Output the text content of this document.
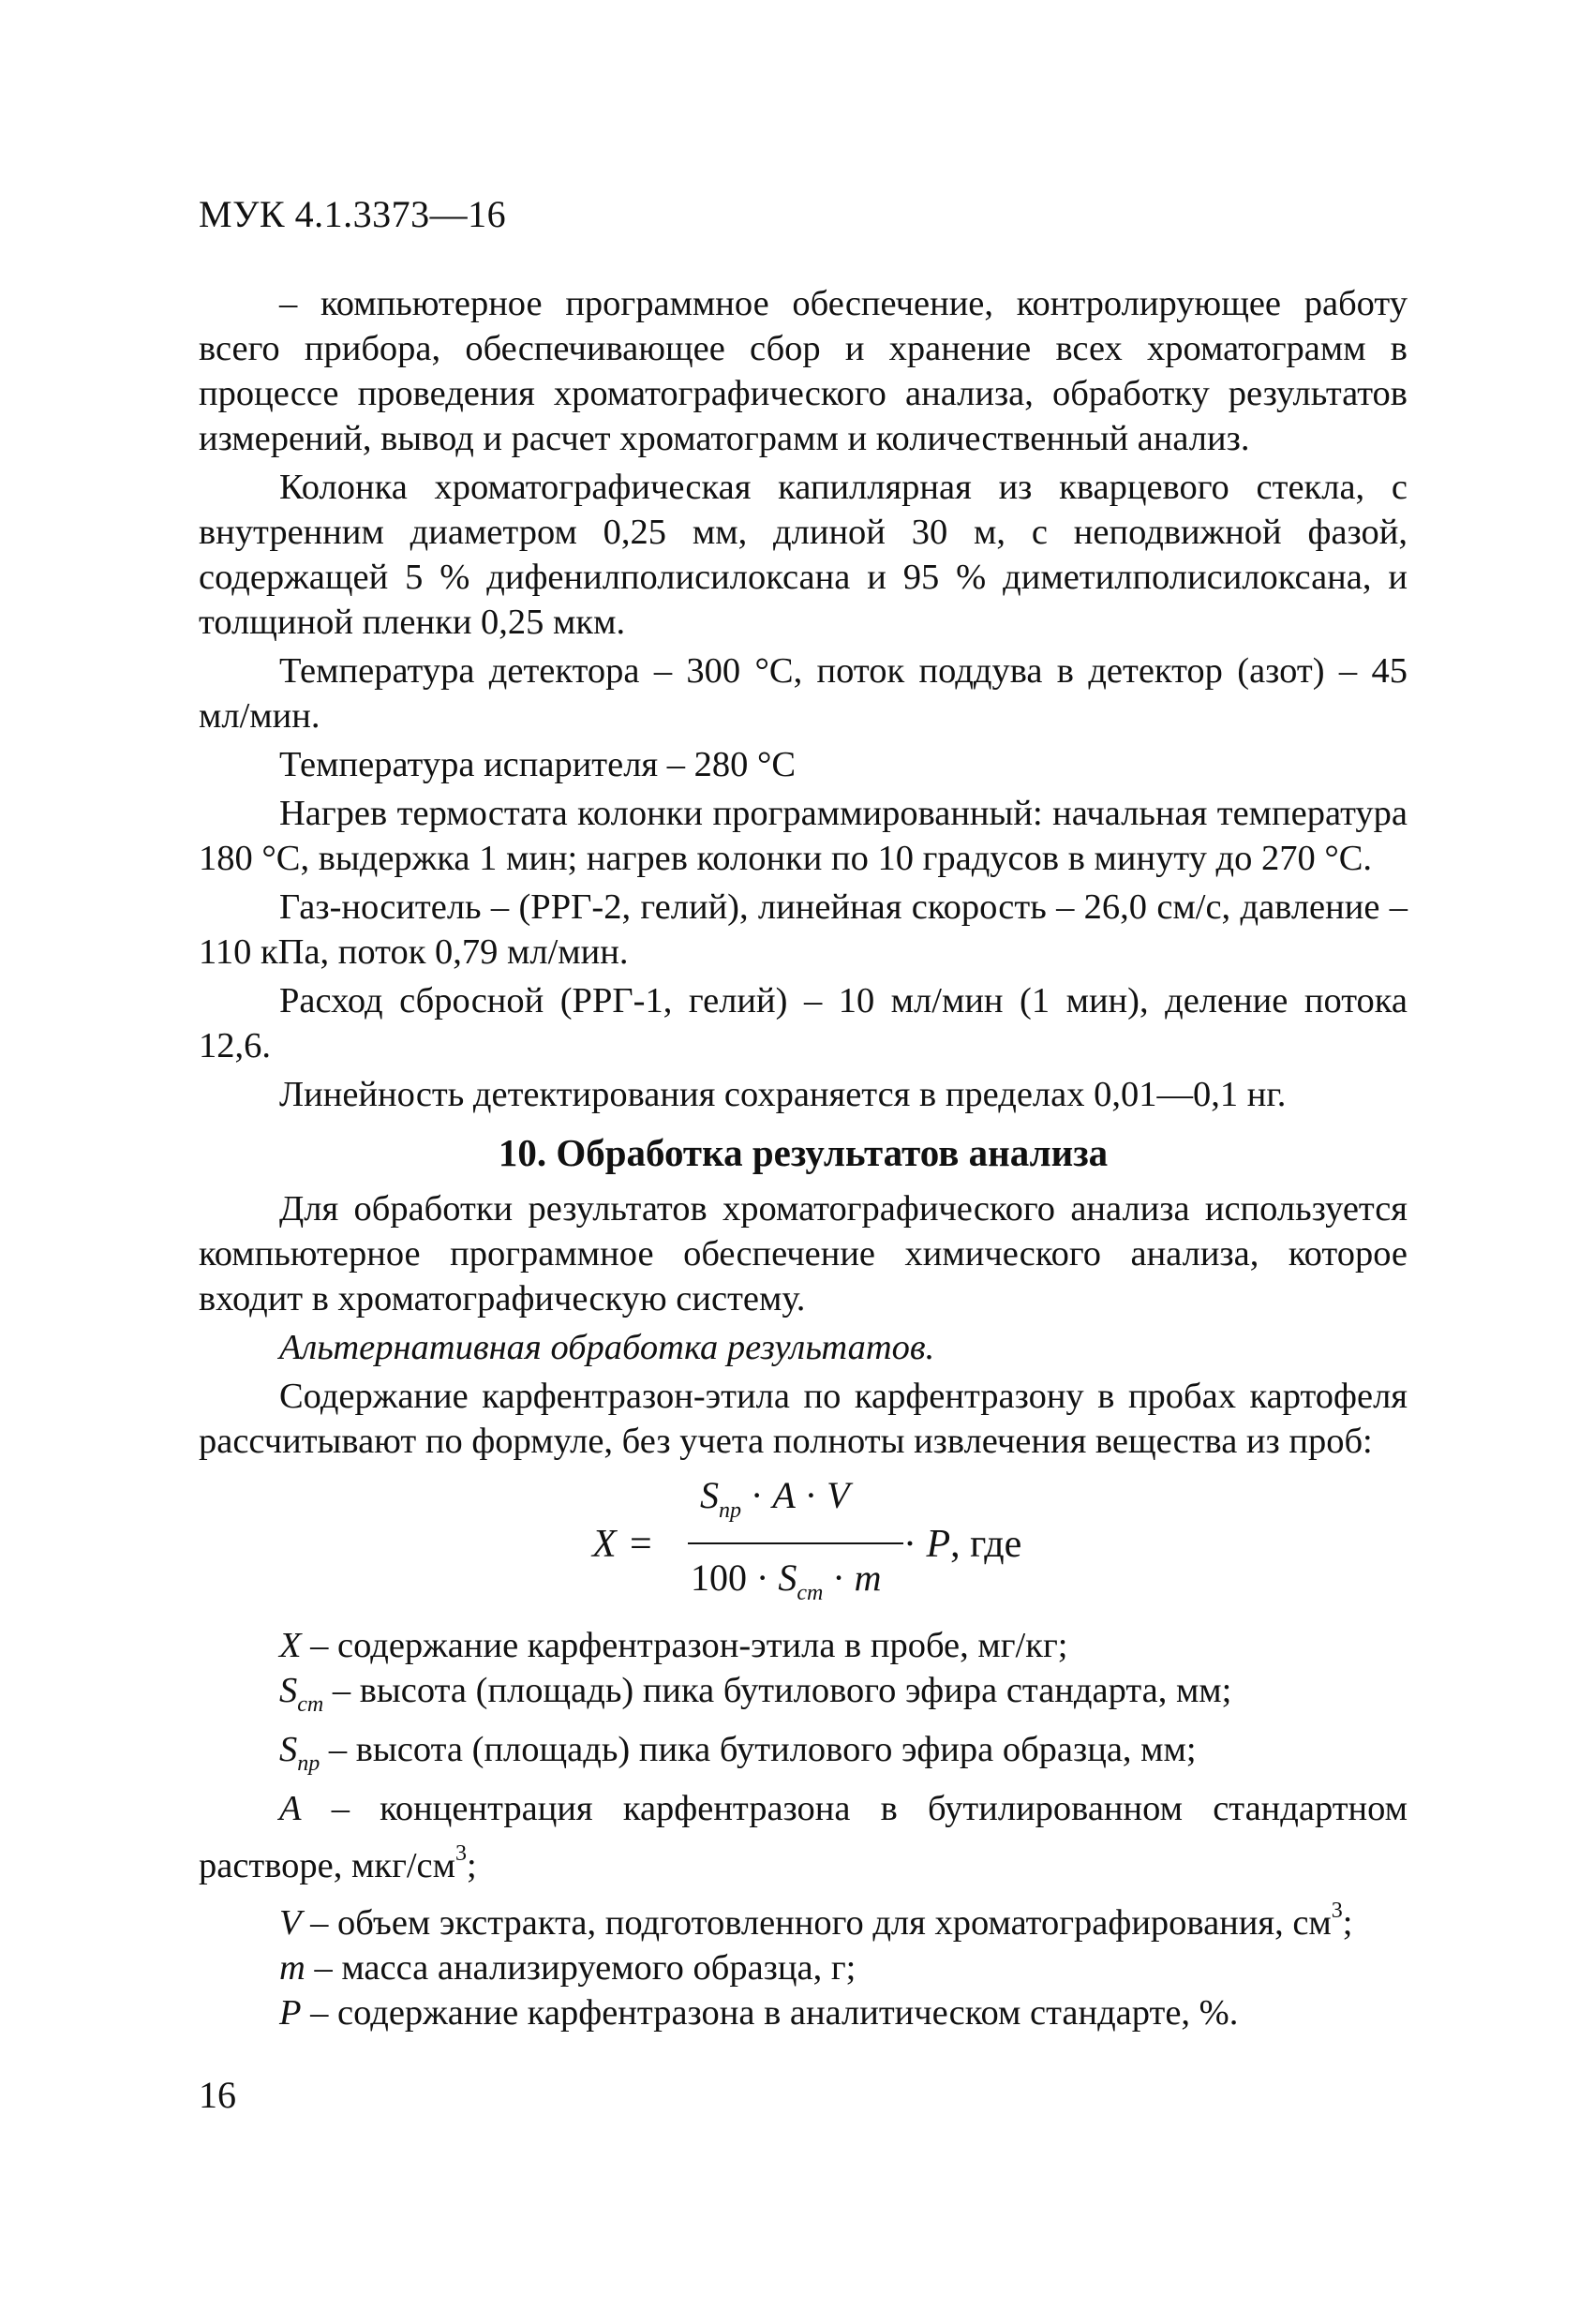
МУК 4.1.3373—16

– компьютерное программное обеспечение, контролирующее работу всего прибора, обеспечивающее сбор и хранение всех хроматограмм в процессе проведения хроматографического анализа, обработку результатов измерений, вывод и расчет хроматограмм и количественный анализ.

Колонка хроматографическая капиллярная из кварцевого стекла, с внутренним диаметром 0,25 мм, длиной 30 м, с неподвижной фазой, содержащей 5 % дифенилполисилоксана и 95 % диметилполисилоксана, и толщиной пленки 0,25 мкм.

Температура детектора – 300 °C, поток поддува в детектор (азот) – 45 мл/мин.

Температура испарителя – 280 °C

Нагрев термостата колонки программированный: начальная температура 180 °C, выдержка 1 мин; нагрев колонки по 10 градусов в минуту до 270 °C.

Газ-носитель – (РРГ-2, гелий), линейная скорость – 26,0 см/с, давление – 110 кПа, поток 0,79 мл/мин.

Расход сбросной (РРГ-1, гелий) – 10 мл/мин (1 мин), деление потока 12,6.

Линейность детектирования сохраняется в пределах 0,01—0,1 нг.

10. Обработка результатов анализа

Для обработки результатов хроматографического анализа используется компьютерное программное обеспечение химического анализа, которое входит в хроматографическую систему.

Альтернативная обработка результатов.

Содержание карфентразон-этила по карфентразону в пробах картофеля рассчитывают по формуле, без учета полноты извлечения вещества из проб:

X =
$S_{пр} \cdot A \cdot V$
$100 \cdot S_{ст} \cdot m$
· P, где

X – содержание карфентразон-этила в пробе, мг/кг;

$S_{cm}$ – высота (площадь) пика бутилового эфира стандарта, мм;

$S_{np}$ – высота (площадь) пика бутилового эфира образца, мм;

A – концентрация карфентразона в бутилированном стандартном растворе, мкг/$см^3$;

V – объем экстракта, подготовленного для хроматографирования, $см^3$;

m – масса анализируемого образца, г;

P – содержание карфентразона в аналитическом стандарте, %.

16
